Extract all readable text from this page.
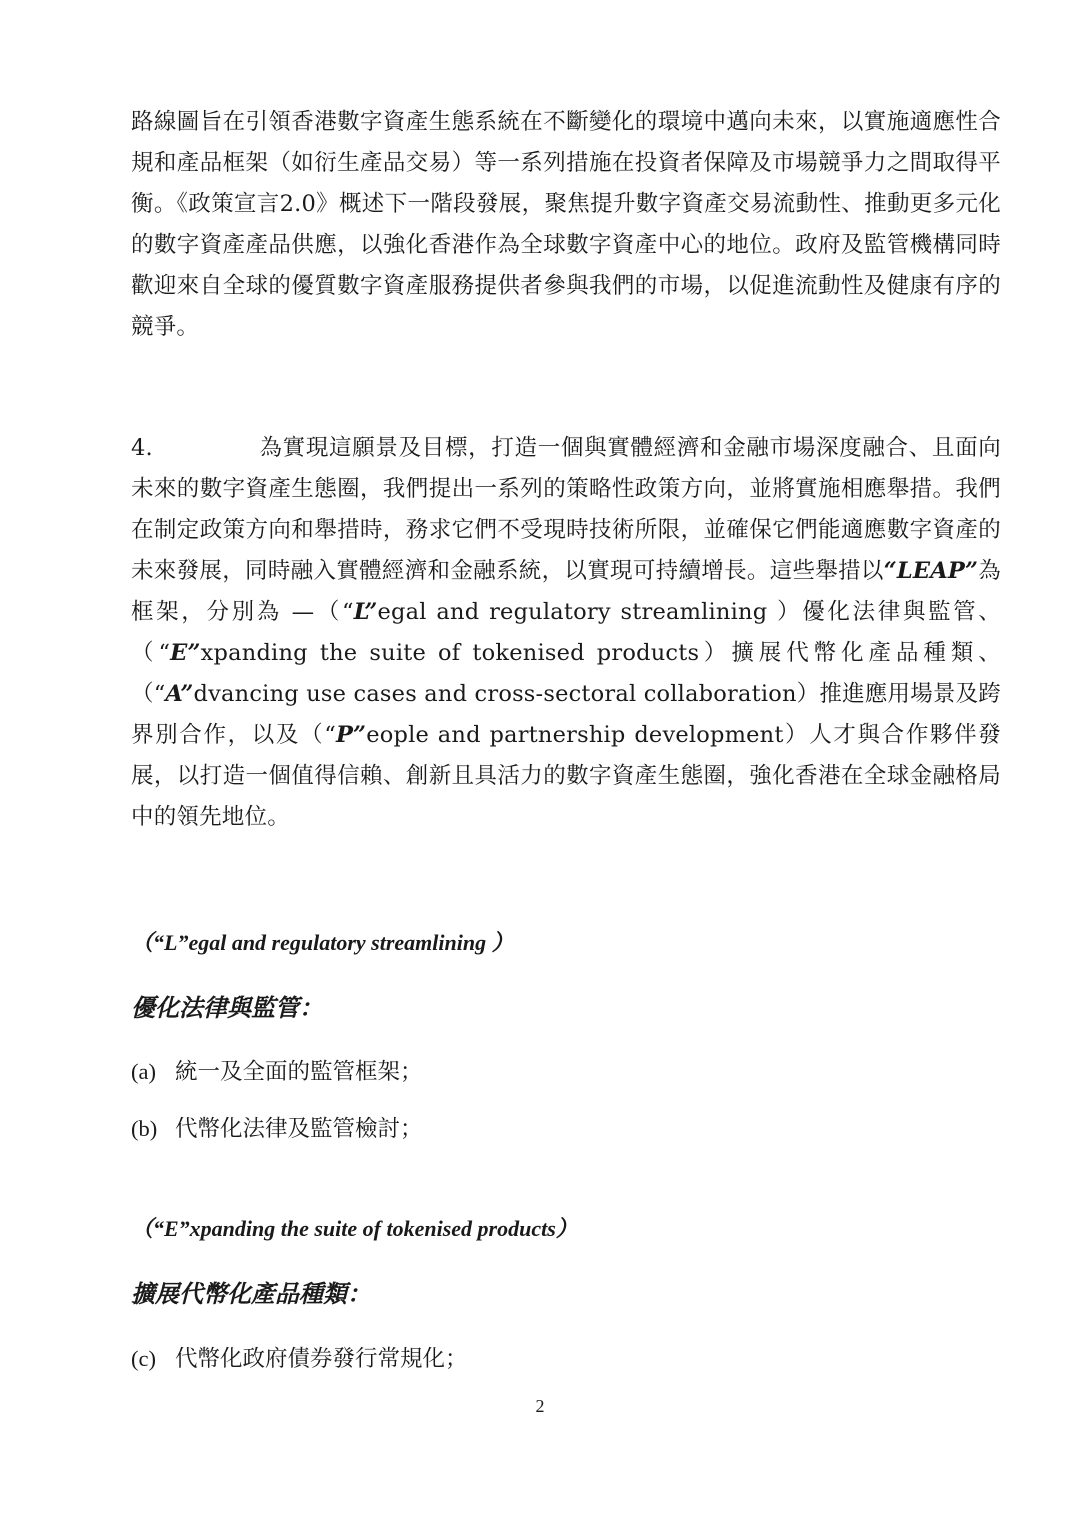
路線圖旨在引領香港數字資產生態系統在不斷變化的環境中邁向未來，以實施適應性合規和產品框架（如衍生產品交易）等一系列措施在投資者保障及市場競爭力之間取得平衡。《政策宣言2.0》概述下一階段發展，聚焦提升數字資產交易流動性、推動更多元化的數字資產產品供應，以強化香港作為全球數字資產中心的地位。政府及監管機構同時歡迎來自全球的優質數字資產服務提供者參與我們的市場，以促進流動性及健康有序的競爭。

4.	為實現這願景及目標，打造一個與實體經濟和金融市場深度融合、且面向未來的數字資產生態圈，我們提出一系列的策略性政策方向，並將實施相應舉措。我們在制定政策方向和舉措時，務求它們不受現時技術所限，並確保它們能適應數字資產的未來發展，同時融入實體經濟和金融系統，以實現可持續增長。這些舉措以“LEAP”為框架，分別為 —（“L”egal and regulatory streamlining ）優化法律與監管、（“E”xpanding the suite of tokenised products）擴展代幣化產品種類、（“A”dvancing use cases and cross-sectoral collaboration）推進應用場景及跨界別合作，以及（“P”eople and partnership development）人才與合作夥伴發展，以打造一個值得信賴、創新且具活力的數字資產生態圈，強化香港在全球金融格局中的領先地位。

（“L”egal and regulatory streamlining ）

優化法律與監管：

(a) 統一及全面的監管框架；

(b) 代幣化法律及監管檢討；

（“E”xpanding the suite of tokenised products）

擴展代幣化產品種類：

(c) 代幣化政府債券發行常規化；

2
